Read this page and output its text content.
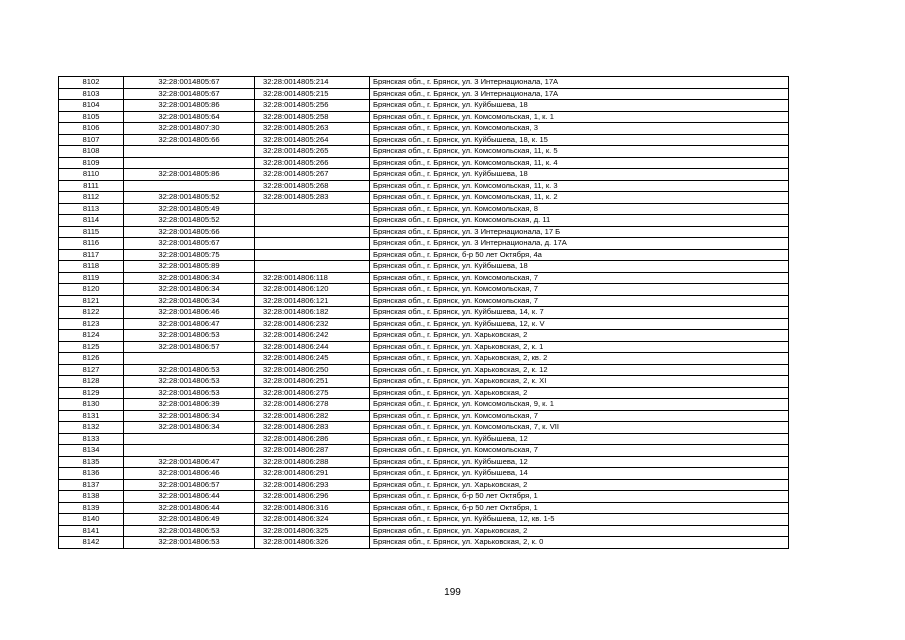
8102	32:28:0014805:67	32:28:0014805:214	Брянская обл., г. Брянск, ул. 3 Интернационала, 17А
8103	32:28:0014805:67	32:28:0014805:215	Брянская обл., г. Брянск, ул. 3 Интернационала, 17А
8104	32:28:0014805:86	32:28:0014805:256	Брянская обл., г. Брянск, ул. Куйбышева, 18
8105	32:28:0014805:64	32:28:0014805:258	Брянская обл., г. Брянск, ул. Комсомольская, 1, к. 1
8106	32:28:0014807:30	32:28:0014805:263	Брянская обл., г. Брянск, ул. Комсомольская, 3
8107	32:28:0014805:66	32:28:0014805:264	Брянская обл., г. Брянск, ул. Куйбышева, 18, к. 15
8108		32:28:0014805:265	Брянская обл., г. Брянск, ул. Комсомольская, 11, к. 5
8109		32:28:0014805:266	Брянская обл., г. Брянск, ул. Комсомольская, 11, к. 4
8110	32:28:0014805:86	32:28:0014805:267	Брянская обл., г. Брянск, ул. Куйбышева, 18
8111		32:28:0014805:268	Брянская обл., г. Брянск, ул. Комсомольская, 11, к. 3
8112	32:28:0014805:52	32:28:0014805:283	Брянская обл., г. Брянск, ул. Комсомольская, 11, к. 2
8113	32:28:0014805:49		Брянская обл., г. Брянск, ул. Комсомольская, 8
8114	32:28:0014805:52		Брянская обл., г. Брянск, ул. Комсомольская, д. 11
8115	32:28:0014805:66		Брянская обл., г. Брянск, ул. 3 Интернационала, 17 Б
8116	32:28:0014805:67		Брянская обл., г. Брянск, ул. 3 Интернационала, д. 17А
8117	32:28:0014805:75		Брянская обл., г. Брянск, б-р 50 лет Октября, 4а
8118	32:28:0014805:89		Брянская обл., г. Брянск, ул. Куйбышева, 18
8119	32:28:0014806:34	32:28:0014806:118	Брянская обл., г. Брянск, ул. Комсомольская, 7
8120	32:28:0014806:34	32:28:0014806:120	Брянская обл., г. Брянск, ул. Комсомольская, 7
8121	32:28:0014806:34	32:28:0014806:121	Брянская обл., г. Брянск, ул. Комсомольская, 7
8122	32:28:0014806:46	32:28:0014806:182	Брянская обл., г. Брянск, ул. Куйбышева, 14, к. 7
8123	32:28:0014806:47	32:28:0014806:232	Брянская обл., г. Брянск, ул. Куйбышева, 12, к. V
8124	32:28:0014806:53	32:28:0014806:242	Брянская обл., г. Брянск, ул. Харьковская, 2
8125	32:28:0014806:57	32:28:0014806:244	Брянская обл., г. Брянск, ул. Харьковская, 2, к. 1
8126		32:28:0014806:245	Брянская обл., г. Брянск, ул. Харьковская, 2, кв. 2
8127	32:28:0014806:53	32:28:0014806:250	Брянская обл., г. Брянск, ул. Харьковская, 2, к. 12
8128	32:28:0014806:53	32:28:0014806:251	Брянская обл., г. Брянск, ул. Харьковская, 2, к. XI
8129	32:28:0014806:53	32:28:0014806:275	Брянская обл., г. Брянск, ул. Харьковская, 2
8130	32:28:0014806:39	32:28:0014806:278	Брянская обл., г. Брянск, ул. Комсомольская, 9, к. 1
8131	32:28:0014806:34	32:28:0014806:282	Брянская обл., г. Брянск, ул. Комсомольская, 7
8132	32:28:0014806:34	32:28:0014806:283	Брянская обл., г. Брянск, ул. Комсомольская, 7, к. VII
8133		32:28:0014806:286	Брянская обл., г. Брянск, ул. Куйбышева, 12
8134		32:28:0014806:287	Брянская обл., г. Брянск, ул. Комсомольская, 7
8135	32:28:0014806:47	32:28:0014806:288	Брянская обл., г. Брянск, ул. Куйбышева, 12
8136	32:28:0014806:46	32:28:0014806:291	Брянская обл., г. Брянск, ул. Куйбышева, 14
8137	32:28:0014806:57	32:28:0014806:293	Брянская обл., г. Брянск, ул. Харьковская, 2
8138	32:28:0014806:44	32:28:0014806:296	Брянская обл., г. Брянск, б-р 50 лет Октября, 1
8139	32:28:0014806:44	32:28:0014806:316	Брянская обл., г. Брянск, б-р 50 лет Октября, 1
8140	32:28:0014806:49	32:28:0014806:324	Брянская обл., г. Брянск, ул. Куйбышева, 12, кв. 1-5
8141	32:28:0014806:53	32:28:0014806:325	Брянская обл., г. Брянск, ул. Харьковская, 2
8142	32:28:0014806:53	32:28:0014806:326	Брянская обл., г. Брянск, ул. Харьковская, 2, к. 0
199
